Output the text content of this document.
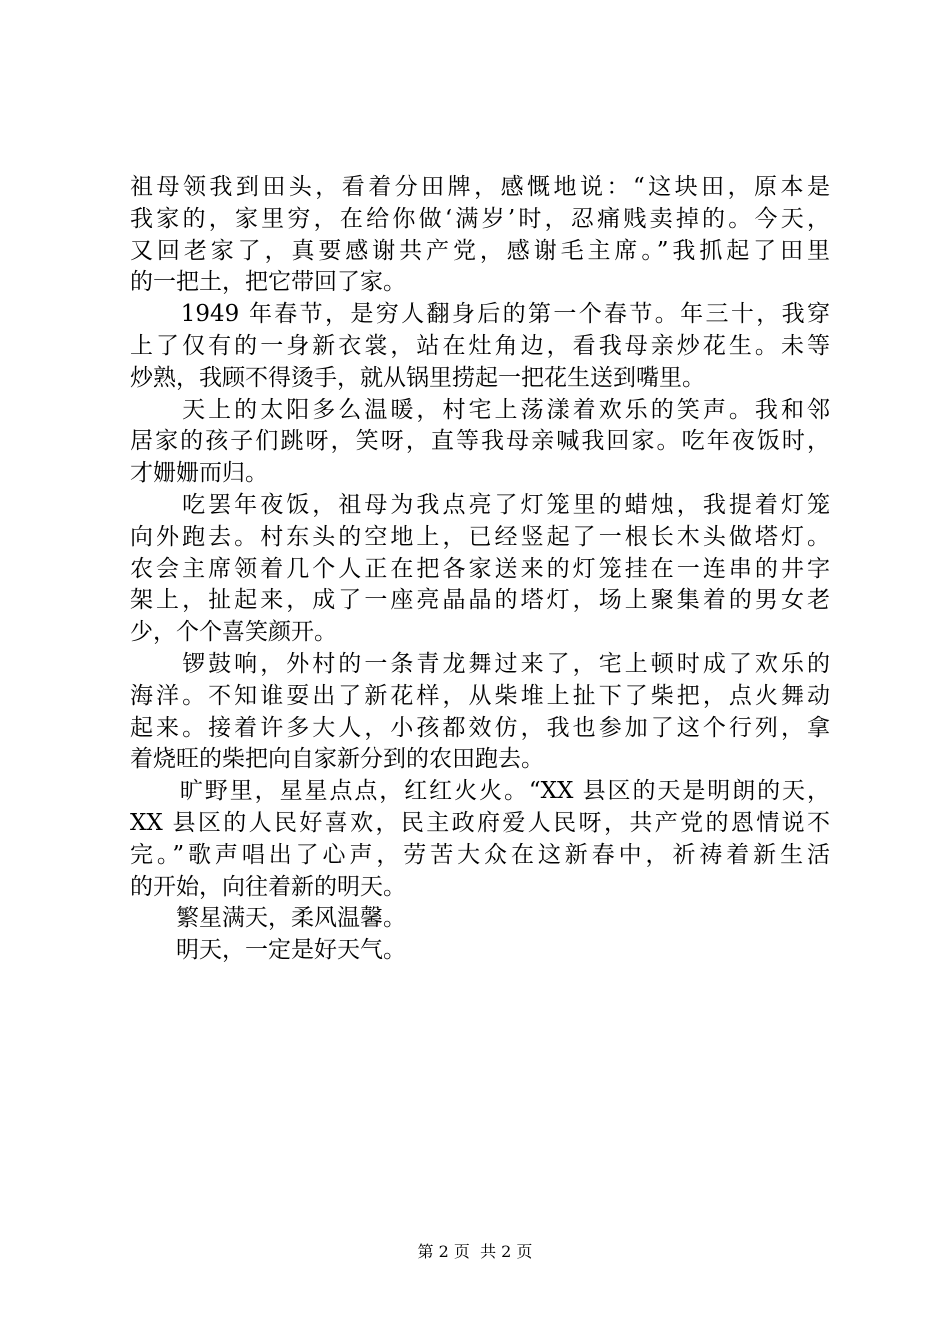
祖母领我到田头，看着分田牌，感慨地说：“这块田，原本是
我家的，家里穷，在给你做‘满岁’时，忍痛贱卖掉的。今天，
又回老家了，真要感谢共产党，感谢毛主席。”我抓起了田里
的一把土，把它带回了家。
　　1949 年春节，是穷人翻身后的第一个春节。年三十，我穿
上了仅有的一身新衣裳，站在灶角边，看我母亲炒花生。未等
炒熟，我顾不得烫手，就从锅里捞起一把花生送到嘴里。
　　天上的太阳多么温暖，村宅上荡漾着欢乐的笑声。我和邻
居家的孩子们跳呀，笑呀，直等我母亲喊我回家。吃年夜饭时，
才姗姗而归。
　　吃罢年夜饭，祖母为我点亮了灯笼里的蜡烛，我提着灯笼
向外跑去。村东头的空地上，已经竖起了一根长木头做塔灯。
农会主席领着几个人正在把各家送来的灯笼挂在一连串的井字
架上，扯起来，成了一座亮晶晶的塔灯，场上聚集着的男女老
少，个个喜笑颜开。
　　锣鼓响，外村的一条青龙舞过来了，宅上顿时成了欢乐的
海洋。不知谁耍出了新花样，从柴堆上扯下了柴把，点火舞动
起来。接着许多大人，小孩都效仿，我也参加了这个行列，拿
着烧旺的柴把向自家新分到的农田跑去。
　　旷野里，星星点点，红红火火。“XX 县区的天是明朗的天，
XX 县区的人民好喜欢，民主政府爱人民呀，共产党的恩情说不
完。”歌声唱出了心声，劳苦大众在这新春中，祈祷着新生活
的开始，向往着新的明天。
　　繁星满天，柔风温馨。
　　明天，一定是好天气。
第 2 页  共 2 页
